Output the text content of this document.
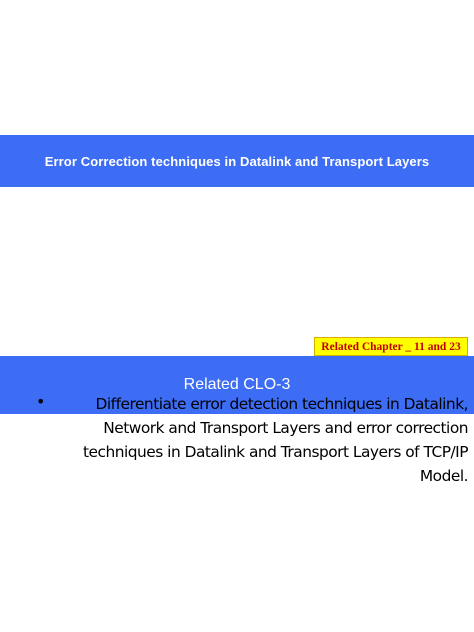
Error Correction techniques in Datalink and Transport Layers
Related Chapter _ 11 and 23
Related CLO-3
•	Differentiate error detection techniques in Datalink,
Network and Transport Layers and error correction
techniques in Datalink and Transport Layers of TCP/IP
Model.
